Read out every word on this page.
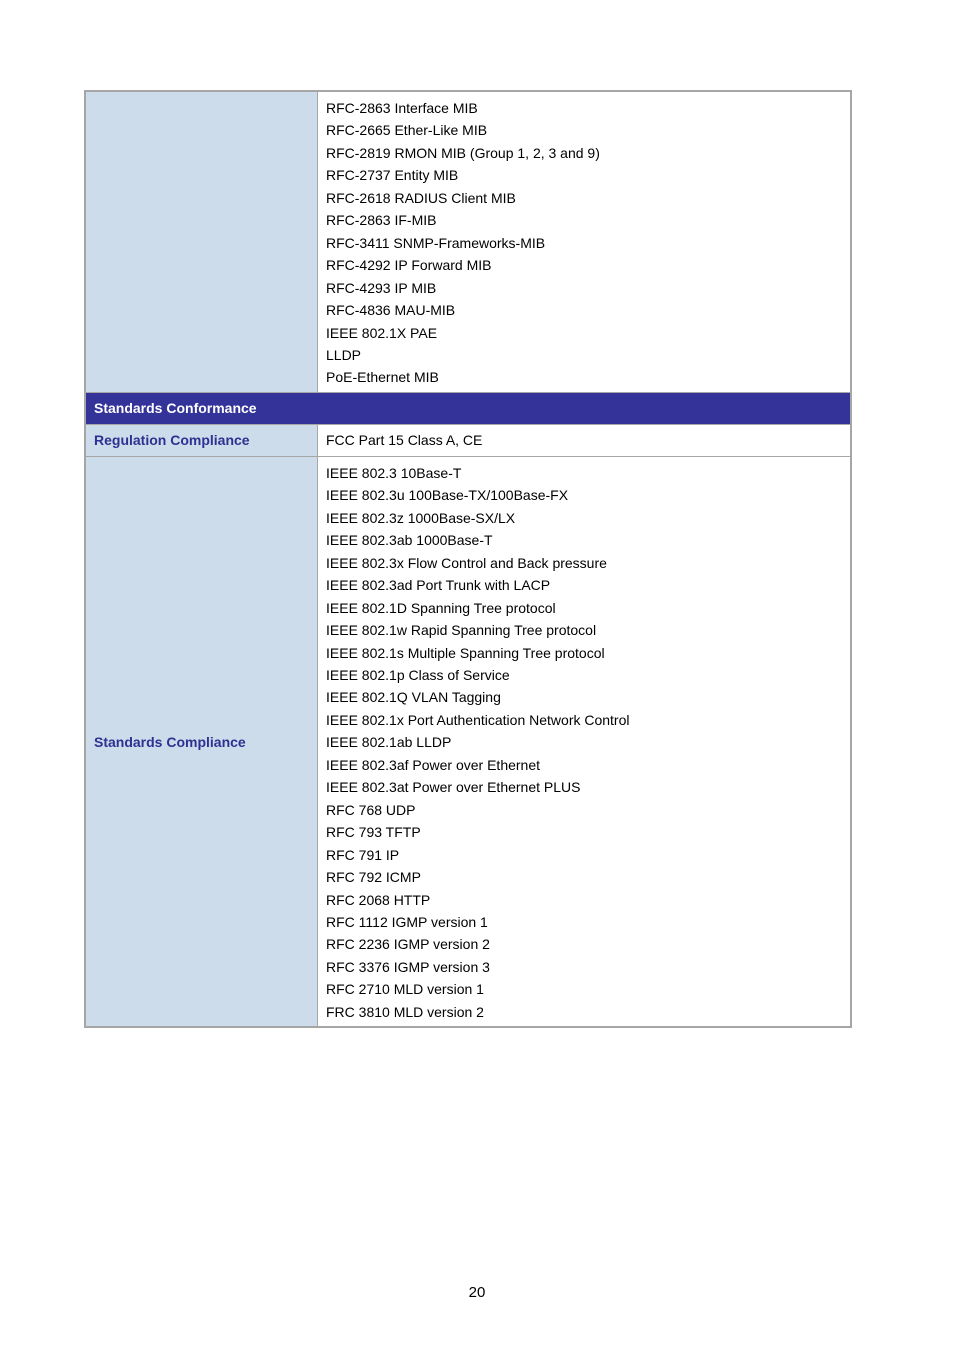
RFC-2863 Interface MIB
RFC-2665 Ether-Like MIB
RFC-2819 RMON MIB (Group 1, 2, 3 and 9)
RFC-2737 Entity MIB
RFC-2618 RADIUS Client MIB
RFC-2863 IF-MIB
RFC-3411 SNMP-Frameworks-MIB
RFC-4292 IP Forward MIB
RFC-4293 IP MIB
RFC-4836 MAU-MIB
IEEE 802.1X PAE
LLDP
PoE-Ethernet MIB
Standards Conformance
Regulation Compliance	FCC Part 15 Class A, CE
Standards Compliance
IEEE 802.3 10Base-T
IEEE 802.3u 100Base-TX/100Base-FX
IEEE 802.3z 1000Base-SX/LX
IEEE 802.3ab 1000Base-T
IEEE 802.3x Flow Control and Back pressure
IEEE 802.3ad Port Trunk with LACP
IEEE 802.1D Spanning Tree protocol
IEEE 802.1w Rapid Spanning Tree protocol
IEEE 802.1s Multiple Spanning Tree protocol
IEEE 802.1p Class of Service
IEEE 802.1Q VLAN Tagging
IEEE 802.1x Port Authentication Network Control
IEEE 802.1ab LLDP
IEEE 802.3af Power over Ethernet
IEEE 802.3at Power over Ethernet PLUS
RFC 768 UDP
RFC 793 TFTP
RFC 791 IP
RFC 792 ICMP
RFC 2068 HTTP
RFC 1112 IGMP version 1
RFC 2236 IGMP version 2
RFC 3376 IGMP version 3
RFC 2710 MLD version 1
FRC 3810 MLD version 2
20
